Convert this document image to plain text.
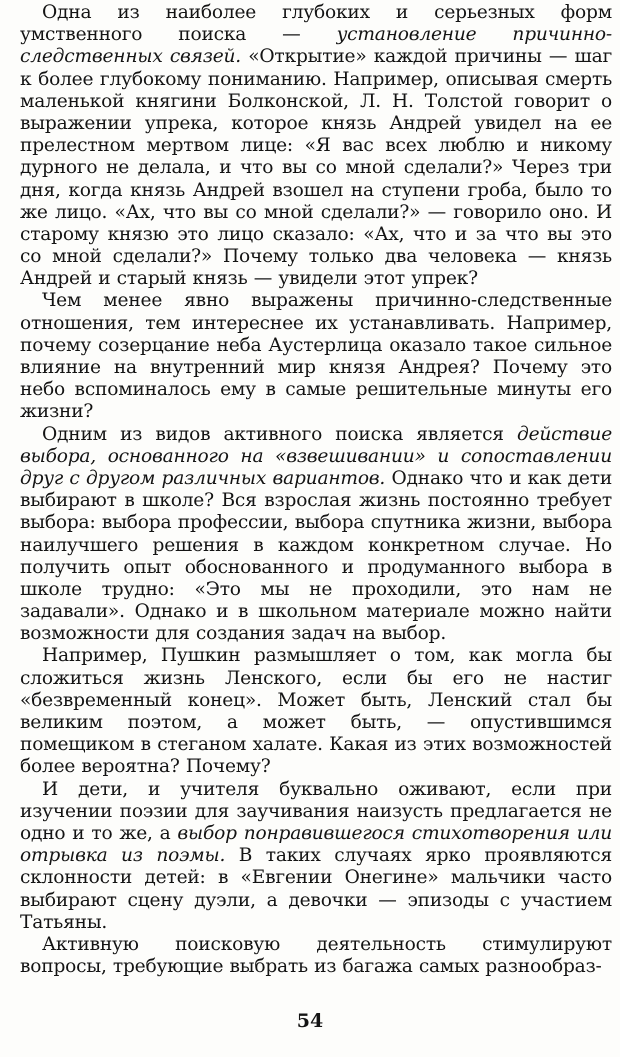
Одна из наиболее глубоких и серьезных форм умственного поиска — установление причинно-следственных связей. «Открытие» каждой причины — шаг к более глубокому пониманию. Например, описывая смерть маленькой княгини Болконской, Л. Н. Толстой говорит о выражении упрека, которое князь Андрей увидел на ее прелестном мертвом лице: «Я вас всех люблю и никому дурного не делала, и что вы со мной сделали?» Через три дня, когда князь Андрей взошел на ступени гроба, было то же лицо. «Ах, что вы со мной сделали?» — говорило оно. И старому князю это лицо сказало: «Ах, что и за что вы это со мной сделали?» Почему только два человека — князь Андрей и старый князь — увидели этот упрек?

Чем менее явно выражены причинно-следственные отношения, тем интереснее их устанавливать. Например, почему созерцание неба Аустерлица оказало такое сильное влияние на внутренний мир князя Андрея? Почему это небо вспоминалось ему в самые решительные минуты его жизни?

Одним из видов активного поиска является действие выбора, основанного на «взвешивании» и сопоставлении друг с другом различных вариантов. Однако что и как дети выбирают в школе? Вся взрослая жизнь постоянно требует выбора: выбора профессии, выбора спутника жизни, выбора наилучшего решения в каждом конкретном случае. Но получить опыт обоснованного и продуманного выбора в школе трудно: «Это мы не проходили, это нам не задавали». Однако и в школьном материале можно найти возможности для создания задач на выбор.

Например, Пушкин размышляет о том, как могла бы сложиться жизнь Ленского, если бы его не настиг «безвременный конец». Может быть, Ленский стал бы великим поэтом, а может быть, — опустившимся помещиком в стеганом халате. Какая из этих возможностей более вероятна? Почему?

И дети, и учителя буквально оживают, если при изучении поэзии для заучивания наизусть предлагается не одно и то же, а выбор понравившегося стихотворения или отрывка из поэмы. В таких случаях ярко проявляются склонности детей: в «Евгении Онегине» мальчики часто выбирают сцену дуэли, а девочки — эпизоды с участием Татьяны.

Активную поисковую деятельность стимулируют вопросы, требующие выбрать из багажа самых разнообраз-

54
